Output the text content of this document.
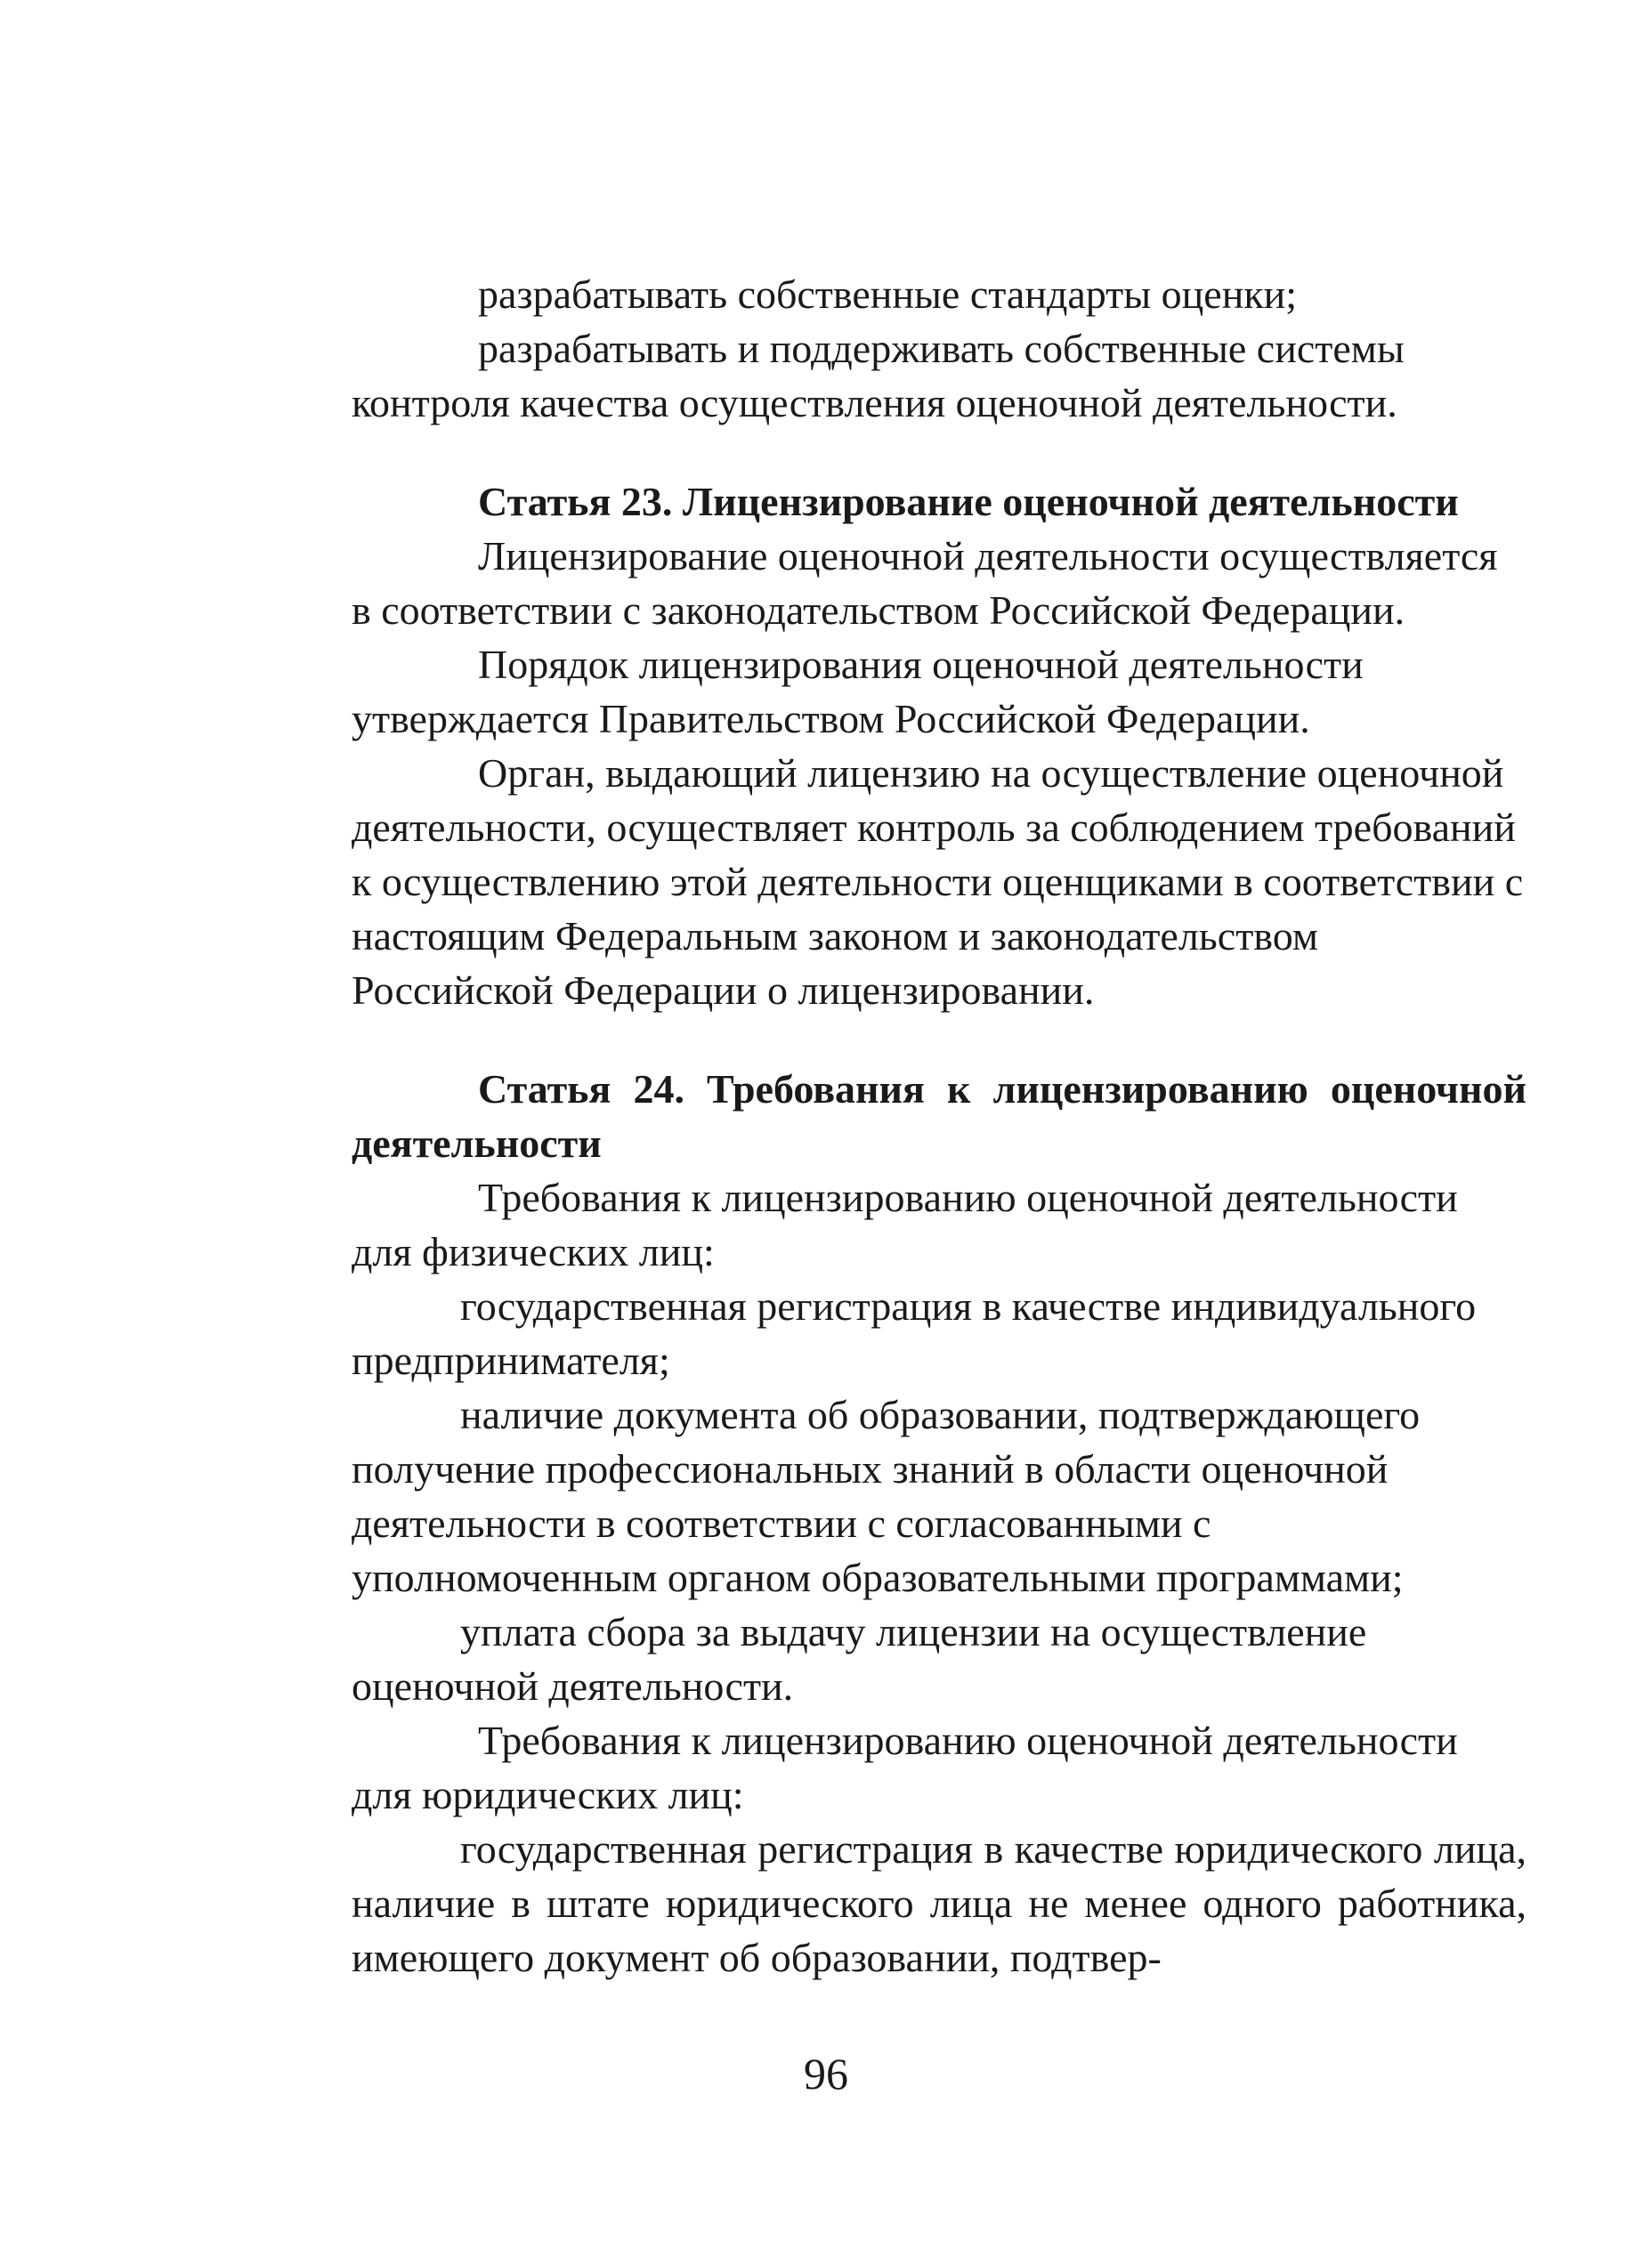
разрабатывать собственные стандарты оценки;

разрабатывать и поддерживать собственные системы контроля качества осуществления оценочной деятельности.

Статья 23. Лицензирование оценочной деятельности

Лицензирование оценочной деятельности осуществляется в соответствии с законодательством Российской Федерации.

Порядок лицензирования оценочной деятельности утверждается Правительством Российской Федерации.

Орган, выдающий лицензию на осуществление оценочной деятельности, осуществляет контроль за соблюдением требований к осуществлению этой деятельности оценщиками в соответствии с настоящим Федеральным законом и законодательством Российской Федерации о лицензировании.

Статья 24. Требования к лицензированию оценочной деятельности

Требования к лицензированию оценочной деятельности для физических лиц:

государственная регистрация в качестве индивидуального предпринимателя;

наличие документа об образовании, подтверждающего получение профессиональных знаний в области оценочной деятельности в соответствии с согласованными с уполномоченным органом образовательными программами;

уплата сбора за выдачу лицензии на осуществление оценочной деятельности.

Требования к лицензированию оценочной деятельности для юридических лиц:

государственная регистрация в качестве юридического лица, наличие в штате юридического лица не менее одного работника, имеющего документ об образовании, подтвер-

96
